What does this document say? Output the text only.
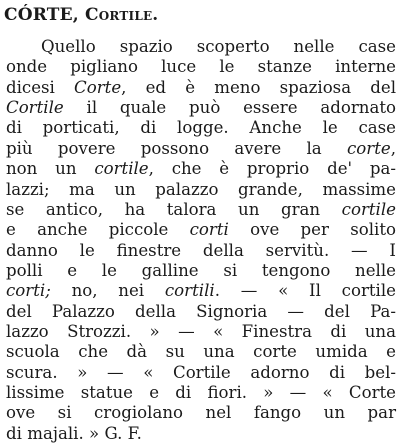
CÓRTE, Cortile.
Quello spazio scoperto nelle case
onde pigliano luce le stanze interne
dicesi Corte, ed è meno spaziosa del
Cortile il quale può essere adornato
di porticati, di logge. Anche le case
più povere possono avere la corte,
non un cortile, che è proprio de' pa-
lazzi; ma un palazzo grande, massime
se antico, ha talora un gran cortile
e anche piccole corti ove per solito
danno le finestre della servitù. — I
polli e le galline si tengono nelle
corti; no, nei cortili. — « Il cortile
del Palazzo della Signoria — del Pa-
lazzo Strozzi. » — « Finestra di una
scuola che dà su una corte umida e
scura. » — « Cortile adorno di bel-
lissime statue e di fiori. » — « Corte
ove si crogiolano nel fango un par
di majali. » G. F.
